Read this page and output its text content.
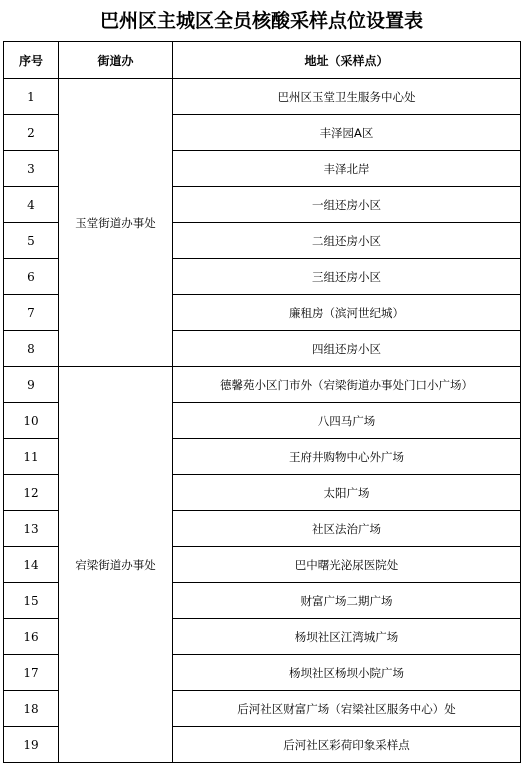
巴州区主城区全员核酸采样点位设置表
序号	街道办	地址（采样点）
1	玉堂街道办事处	巴州区玉堂卫生服务中心处
2		丰泽园A区
3		丰泽北岸
4		一组还房小区
5		二组还房小区
6		三组还房小区
7		廉租房（滨河世纪城）
8		四组还房小区
9	宕梁街道办事处	德馨苑小区门市外（宕梁街道办事处门口小广场）
10		八四马广场
11		王府井购物中心外广场
12		太阳广场
13		社区法治广场
14		巴中曙光泌尿医院处
15		财富广场二期广场
16		杨坝社区江湾城广场
17		杨坝社区杨坝小院广场
18		后河社区财富广场（宕梁社区服务中心）处
19		后河社区彩荷印象采样点
